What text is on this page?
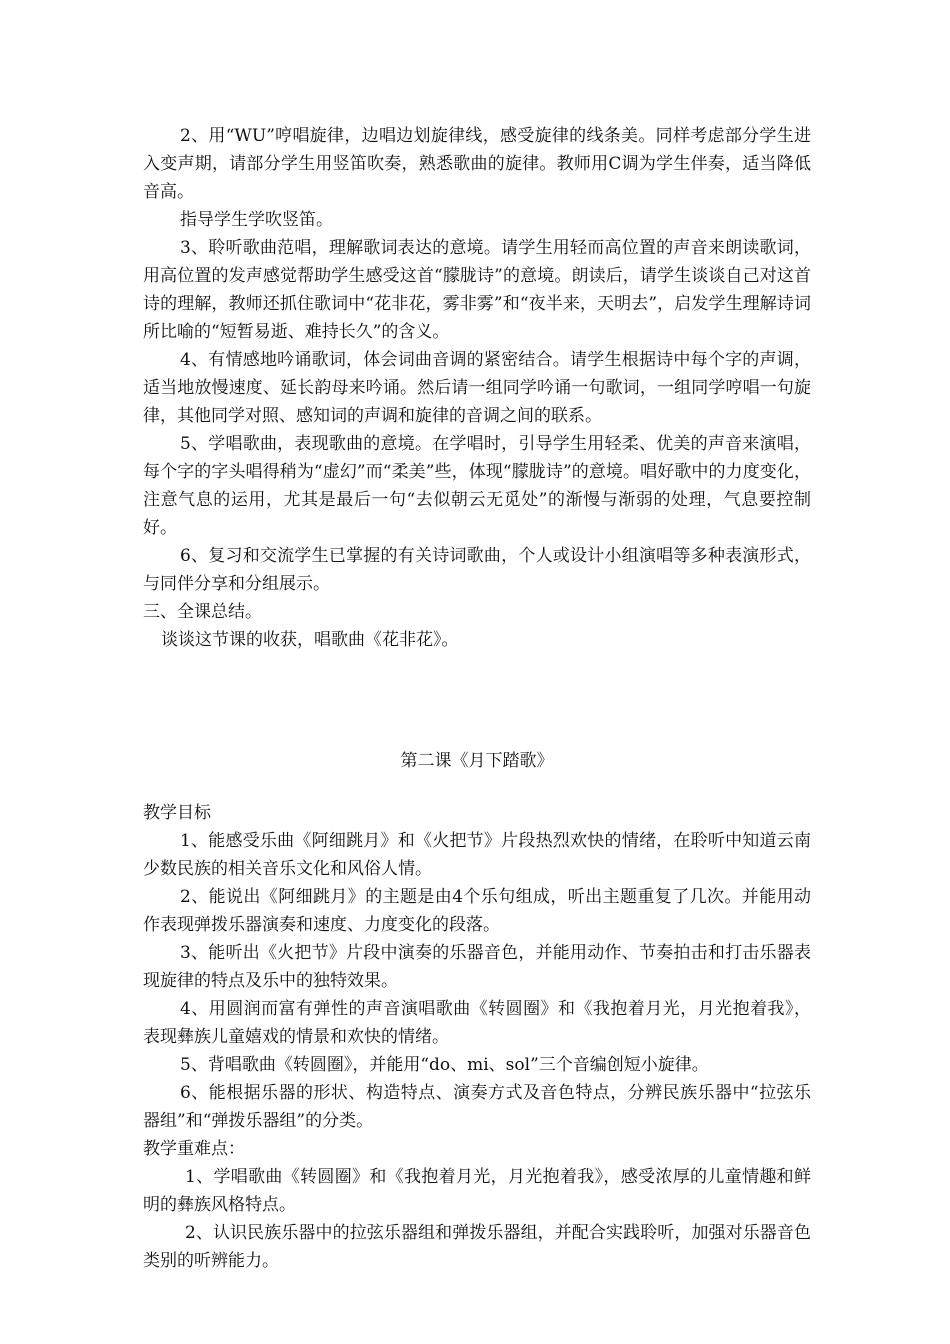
2、用“WU”哼唱旋律，边唱边划旋律线，感受旋律的线条美。同样考虑部分学生进入变声期，请部分学生用竖笛吹奏，熟悉歌曲的旋律。教师用C调为学生伴奏，适当降低音高。

指导学生学吹竖笛。

3、聆听歌曲范唱，理解歌词表达的意境。请学生用轻而高位置的声音来朗读歌词，用高位置的发声感觉帮助学生感受这首“朦胧诗”的意境。朗读后，请学生谈谈自己对这首诗的理解，教师还抓住歌词中“花非花，雾非雾”和“夜半来，天明去”，启发学生理解诗词所比喻的“短暂易逝、难持长久”的含义。

4、有情感地吟诵歌词，体会词曲音调的紧密结合。请学生根据诗中每个字的声调，适当地放慢速度、延长韵母来吟诵。然后请一组同学吟诵一句歌词，一组同学哼唱一句旋律，其他同学对照、感知词的声调和旋律的音调之间的联系。

5、学唱歌曲，表现歌曲的意境。在学唱时，引导学生用轻柔、优美的声音来演唱，每个字的字头唱得稍为“虚幻”而“柔美”些，体现“朦胧诗”的意境。唱好歌中的力度变化，注意气息的运用，尤其是最后一句“去似朝云无觅处”的渐慢与渐弱的处理，气息要控制好。

6、复习和交流学生已掌握的有关诗词歌曲，个人或设计小组演唱等多种表演形式，与同伴分享和分组展示。

三、全课总结。

谈谈这节课的收获，唱歌曲《花非花》。

第二课《月下踏歌》

教学目标

1、能感受乐曲《阿细跳月》和《火把节》片段热烈欢快的情绪，在聆听中知道云南少数民族的相关音乐文化和风俗人情。

2、能说出《阿细跳月》的主题是由4个乐句组成，听出主题重复了几次。并能用动作表现弹拨乐器演奏和速度、力度变化的段落。

3、能听出《火把节》片段中演奏的乐器音色，并能用动作、节奏拍击和打击乐器表现旋律的特点及乐中的独特效果。

4、用圆润而富有弹性的声音演唱歌曲《转圆圈》和《我抱着月光，月光抱着我》，表现彝族儿童嬉戏的情景和欢快的情绪。

5、背唱歌曲《转圆圈》，并能用“do、mi、sol”三个音编创短小旋律。

6、能根据乐器的形状、构造特点、演奏方式及音色特点，分辨民族乐器中“拉弦乐器组”和“弹拨乐器组”的分类。

教学重难点：

1、学唱歌曲《转圆圈》和《我抱着月光，月光抱着我》，感受浓厚的儿童情趣和鲜明的彝族风格特点。

2、认识民族乐器中的拉弦乐器组和弹拨乐器组，并配合实践聆听，加强对乐器音色类别的听辨能力。
